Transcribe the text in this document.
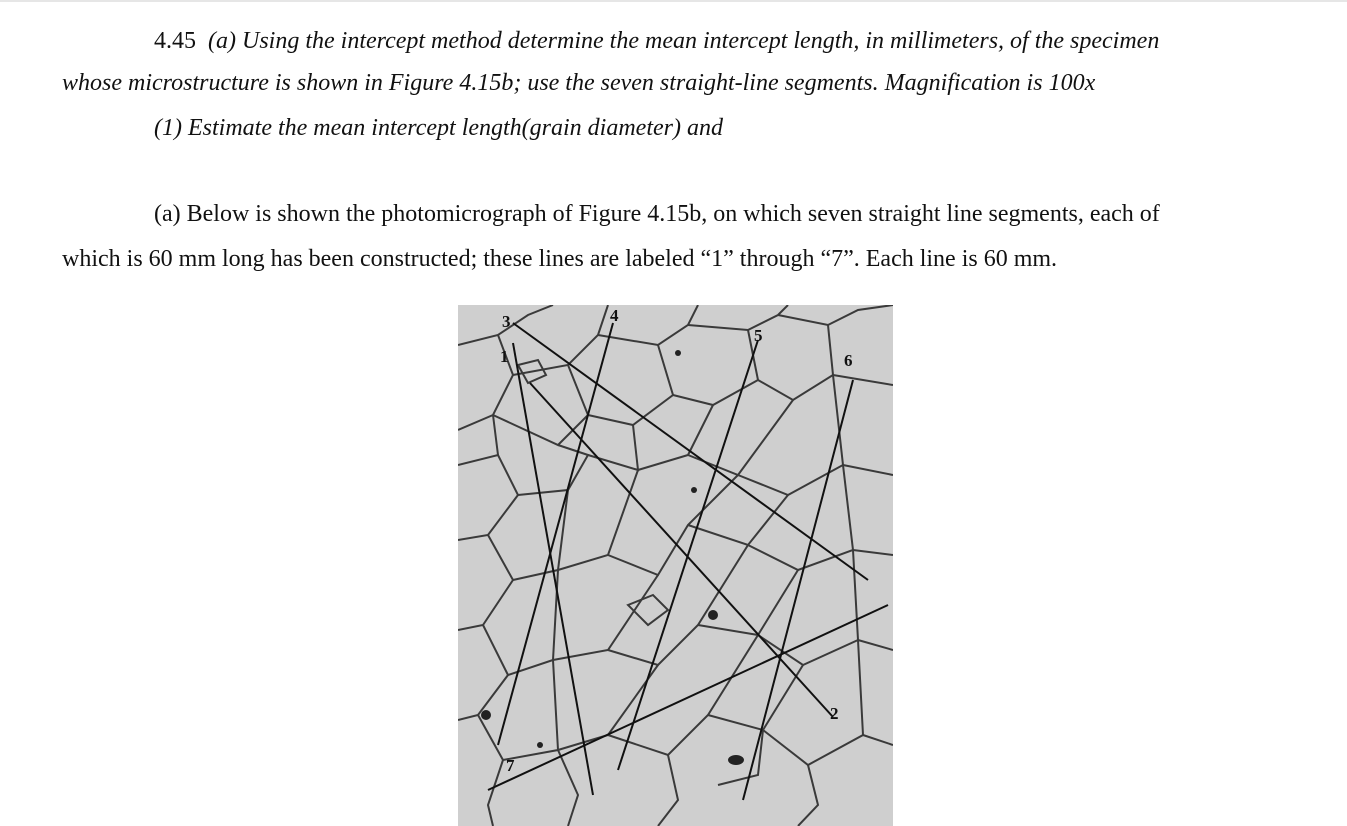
4.45 (a) Using the intercept method determine the mean intercept length, in millimeters, of the specimen
whose microstructure is shown in Figure 4.15b; use the seven straight-line segments. Magnification is 100x
(1) Estimate the mean intercept length(grain diameter) and
(a) Below is shown the photomicrograph of Figure 4.15b, on which seven straight line segments, each of
which is 60 mm long has been constructed; these lines are labeled “1” through “7”. Each line is 60 mm.
3	4
1
5
6
2
7
